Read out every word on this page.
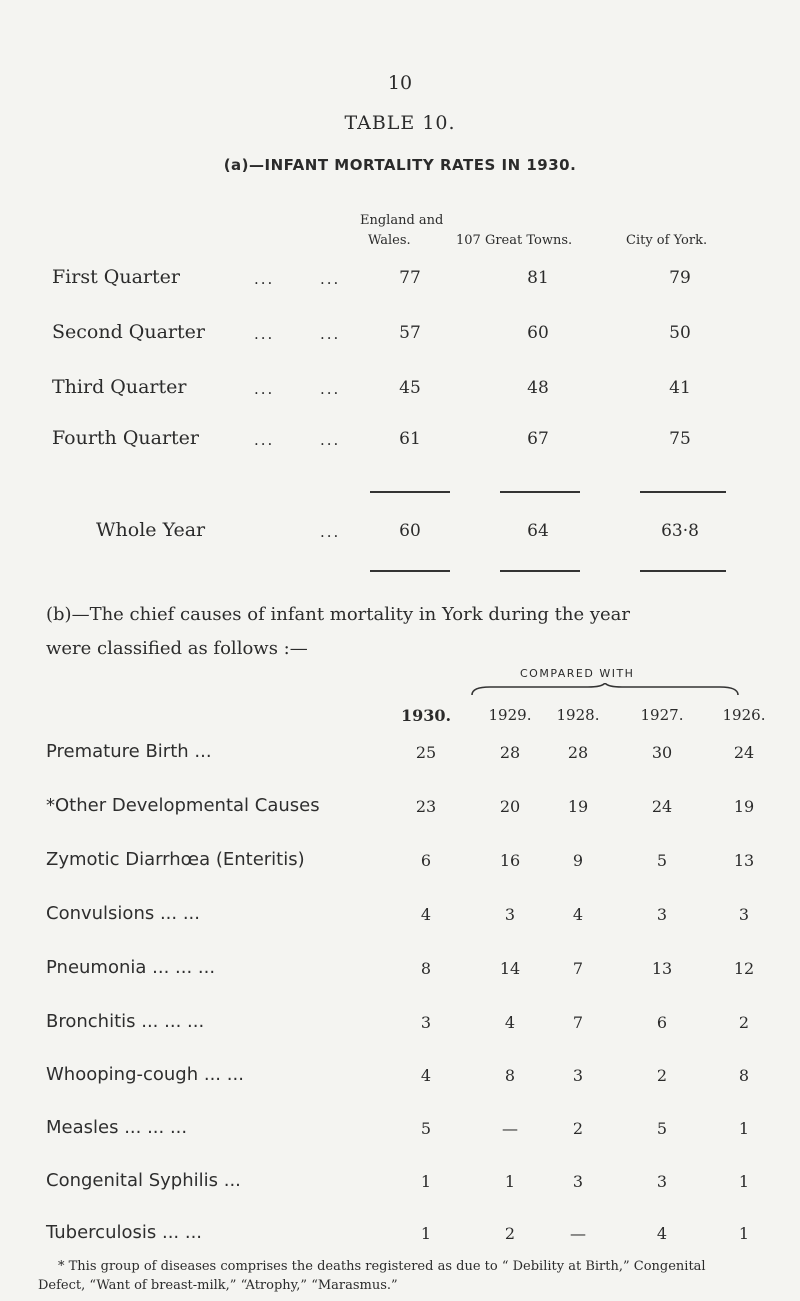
10
TABLE 10.
(a)—INFANT MORTALITY RATES IN 1930.
England and
Wales.	107 Great Towns.	City of York.
First Quarter	...	...	77	81	79
Second Quarter	...	...	57	60	50
Third Quarter	...	...	45	48	41
Fourth Quarter	...	...	61	67	75
Whole Year	...	60	64	63·8
(b)—The chief causes of infant mortality in York during the year
were classified as follows :—
COMPARED WITH
1930.	1929.	1928.	1927.	1926.
Premature Birth ...	25	28	28	30	24
*Other Developmental Causes	23	20	19	24	19
Zymotic Diarrhœa (Enteritis)	6	16	9	5	13
Convulsions ... ...	4	3	4	3	3
Pneumonia ... ... ...	8	14	7	13	12
Bronchitis ... ... ...	3	4	7	6	2
Whooping-cough ... ...	4	8	3	2	8
Measles ... ... ...	5	—	2	5	1
Congenital Syphilis ...	1	1	3	3	1
Tuberculosis ... ...	1	2	—	4	1
* This group of diseases comprises the deaths registered as due to “ Debility at Birth,” Congenital
Defect, “Want of breast-milk,” “Atrophy,” “Marasmus.”
